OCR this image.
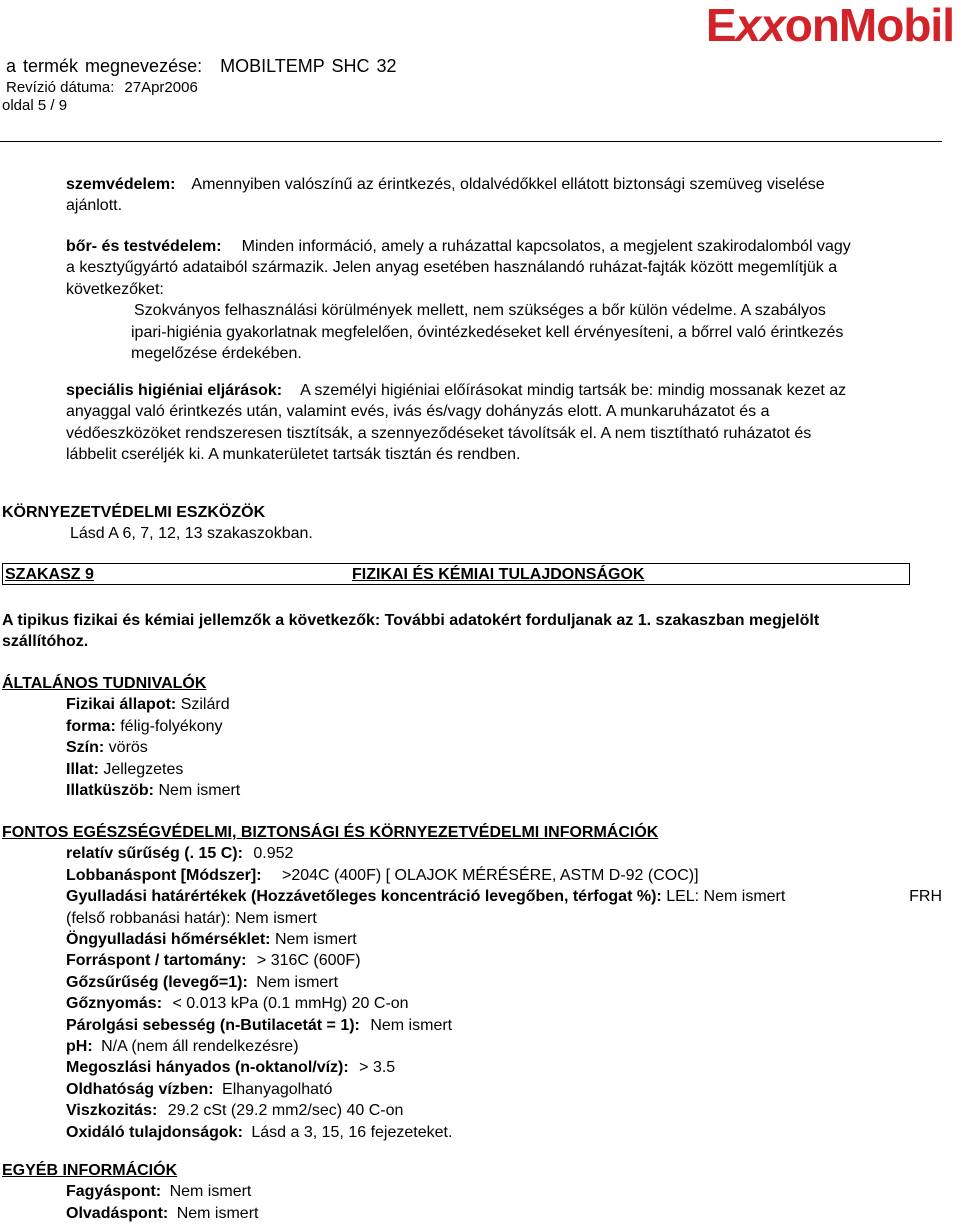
ExxonMobil
a termék megnevezése: MOBILTEMP SHC 32
Revízió dátuma: 27Apr2006
oldal 5 / 9
szemvédelem: Amennyiben valószínű az érintkezés, oldalvédőkkel ellátott biztonsági szemüveg viselése
ajánlott.
bőr- és testvédelem: Minden információ, amely a ruházattal kapcsolatos, a megjelent szakirodalomból vagy
a kesztyűgyártó adataiból származik. Jelen anyag esetében használandó ruházat-fajták között megemlítjük a
következőket:
Szokványos felhasználási körülmények mellett, nem szükséges a bőr külön védelme. A szabályos
ipari-higiénia gyakorlatnak megfelelően, óvintézkedéseket kell érvényesíteni, a bőrrel való érintkezés
megelőzése érdekében.
speciális higiéniai eljárások: A személyi higiéniai előírásokat mindig tartsák be: mindig mossanak kezet az
anyaggal való érintkezés után, valamint evés, ivás és/vagy dohányzás elott. A munkaruházatot és a
védőeszközöket rendszeresen tisztítsák, a szennyeződéseket távolítsák el. A nem tisztítható ruházatot és
lábbelit cseréljék ki. A munkaterületet tartsák tisztán és rendben.
KÖRNYEZETVÉDELMI ESZKÖZÖK
Lásd A 6, 7, 12, 13 szakaszokban.
SZAKASZ 9	FIZIKAI ÉS KÉMIAI TULAJDONSÁGOK
A tipikus fizikai és kémiai jellemzők a következők: További adatokért forduljanak az 1. szakaszban megjelölt
szállítóhoz.
ÁLTALÁNOS TUDNIVALÓK
Fizikai állapot: Szilárd
forma: félig-folyékony
Szín: vörös
Illat: Jellegzetes
Illatküszöb: Nem ismert
FONTOS EGÉSZSÉGVÉDELMI, BIZTONSÁGI ÉS KÖRNYEZETVÉDELMI INFORMÁCIÓK
relatív sűrűség (. 15 C): 0.952
Lobbanáspont [Módszer]: >204C (400F) [ OLAJOK MÉRÉSÉRE, ASTM D-92 (COC)]
Gyulladási határértékek (Hozzávetőleges koncentráció levegőben, térfogat %): LEL: Nem ismert	FRH
(felső robbanási határ): Nem ismert
Öngyulladási hőmérséklet: Nem ismert
Forráspont / tartomány: > 316C (600F)
Gőzsűrűség (levegő=1): Nem ismert
Gőznyomás: < 0.013 kPa (0.1 mmHg) 20 C-on
Párolgási sebesség (n-Butilacetát = 1): Nem ismert
pH: N/A (nem áll rendelkezésre)
Megoszlási hányados (n-oktanol/víz): > 3.5
Oldhatóság vízben: Elhanyagolható
Viszkozitás: 29.2 cSt (29.2 mm2/sec) 40 C-on
Oxidáló tulajdonságok: Lásd a 3, 15, 16 fejezeteket.
EGYÉB INFORMÁCIÓK
Fagyáspont: Nem ismert
Olvadáspont: Nem ismert
